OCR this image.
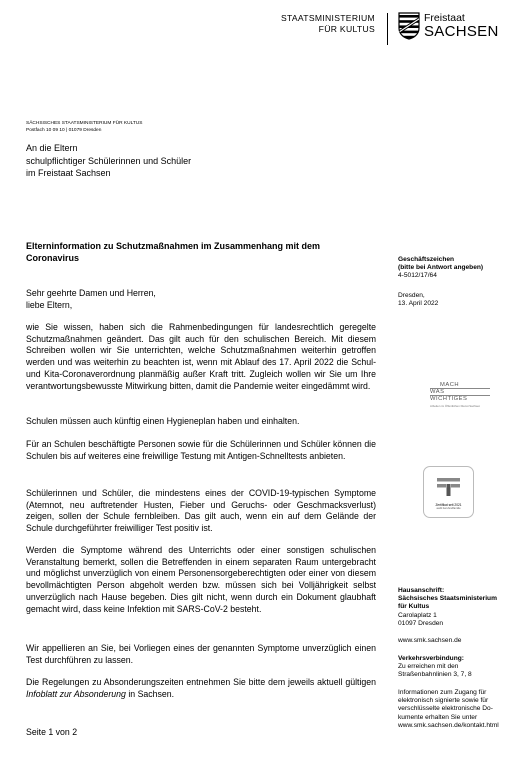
STAATSMINISTERIUM
FÜR KULTUS
Freistaat
SACHSEN
SÄCHSISCHES STAATSMINISTERIUM FÜR KULTUS
Postfach 10 09 10 | 01079 Dresden
An die Eltern
schulpflichtiger Schülerinnen und Schüler
im Freistaat Sachsen
Elterninformation zu Schutzmaßnahmen im Zusammenhang mit dem Coronavirus

Sehr geehrte Damen und Herren,

liebe Eltern,

wie Sie wissen, haben sich die Rahmenbedingungen für landesrechtlich geregelte Schutzmaßnahmen geändert. Das gilt auch für den schulischen Bereich. Mit diesem Schreiben wollen wir Sie unterrichten, welche Schutzmaßnahmen weiterhin getroffen werden und was weiterhin zu beachten ist, wenn mit Ablauf des 17. April 2022 die Schul- und Kita-Coronaverordnung planmäßig außer Kraft tritt. Zugleich wollen wir Sie um Ihre verantwortungsbewusste Mitwirkung bitten, damit die Pandemie weiter eingedämmt wird.

Schulen müssen auch künftig einen Hygieneplan haben und einhalten.

Für an Schulen beschäftigte Personen sowie für die Schülerinnen und Schüler können die Schulen bis auf weiteres eine freiwillige Testung mit Antigen-Schnelltests anbieten.

Schülerinnen und Schüler, die mindestens eines der COVID-19-typischen Symptome (Atemnot, neu auftretender Husten, Fieber und Geruchs- oder Geschmacksverlust) zeigen, sollen der Schule fernbleiben. Das gilt auch, wenn ein auf dem Gelände der Schule durchgeführter freiwilliger Test positiv ist.

Werden die Symptome während des Unterrichts oder einer sonstigen schulischen Veranstaltung bemerkt, sollen die Betreffenden in einem separaten Raum untergebracht und möglichst unverzüglich von einem Personensorgeberechtigten oder einer von diesem bevollmächtigten Person abgeholt werden bzw. müssen sich bei Volljährigkeit selbst unverzüglich nach Hause begeben. Dies gilt nicht, wenn durch ein Dokument glaubhaft gemacht wird, dass keine Infektion mit SARS-CoV-2 besteht.

Wir appellieren an Sie, bei Vorliegen eines der genannten Symptome unverzüglich einen Test durchführen zu lassen.

Die Regelungen zu Absonderungszeiten entnehmen Sie bitte dem jeweils aktuell gültigen Infoblatt zur Absonderung in Sachsen.

Seite 1 von 2
Geschäftszeichen
(bitte bei Antwort angeben)
4-5012/17/64
Dresden,
13. April 2022
MACH
WAS
WICHTIGES
Arbeiten im Öffentlichen Dienst Sachsen
Zertifikat seit 2021
audit berufundfamilie
Hausanschrift:
Sächsisches Staatsministerium
für Kultus
Carolaplatz 1
01097 Dresden
www.smk.sachsen.de
Verkehrsverbindung:
Zu erreichen mit den
Straßenbahnlinien 3, 7, 8
Informationen zum Zugang für
elektronisch signierte sowie für
verschlüsselte elektronische Do-
kumente erhalten Sie unter
www.smk.sachsen.de/kontakt.html
